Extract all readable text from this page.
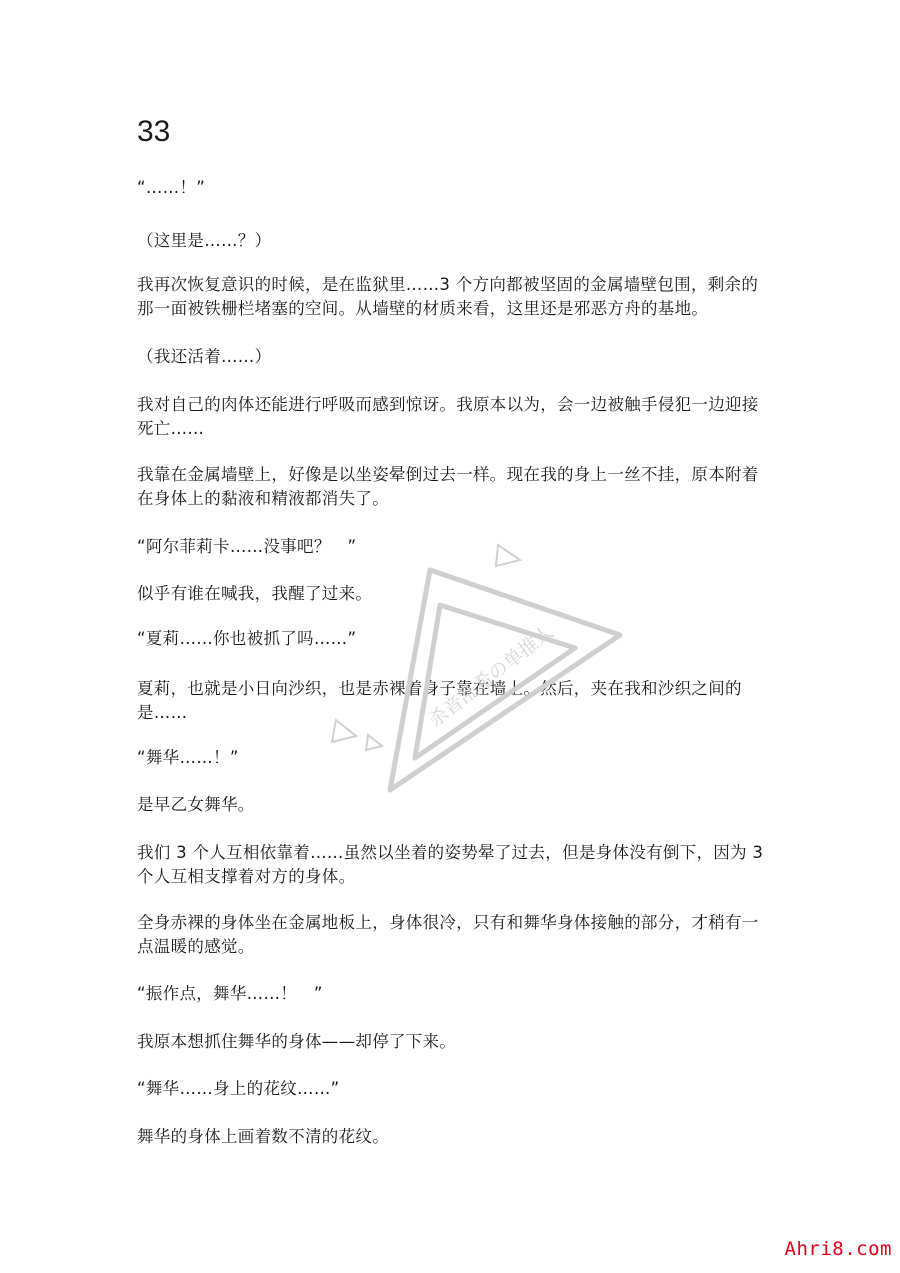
33

“……！”

（这里是……？）

我再次恢复意识的时候，是在监狱里……3 个方向都被坚固的金属墙壁包围，剩余的那一面被铁栅栏堵塞的空间。从墙壁的材质来看，这里还是邪恶方舟的基地。

（我还活着……）

我对自己的肉体还能进行呼吸而感到惊讶。我原本以为，会一边被触手侵犯一边迎接死亡……

我靠在金属墙壁上，好像是以坐姿晕倒过去一样。现在我的身上一丝不挂，原本附着在身体上的黏液和精液都消失了。

“阿尔菲莉卡……没事吧？　”

似乎有谁在喊我，我醒了过来。

“夏莉……你也被抓了吗……”

夏莉，也就是小日向沙织，也是赤裸着身子靠在墙上。然后，夹在我和沙织之间的是……

“舞华……！”

是早乙女舞华。

我们 3 个人互相依靠着……虽然以坐着的姿势晕了过去，但是身体没有倒下，因为 3 个人互相支撑着对方的身体。

全身赤裸的身体坐在金属地板上，身体很冷，只有和舞华身体接触的部分，才稍有一点温暖的感觉。

“振作点，舞华……！　”

我原本想抓住舞华的身体——却停了下来。

“舞华……身上的花纹……”

舞华的身体上画着数不清的花纹。

杀音乱希の单推人
Ahri8.com
